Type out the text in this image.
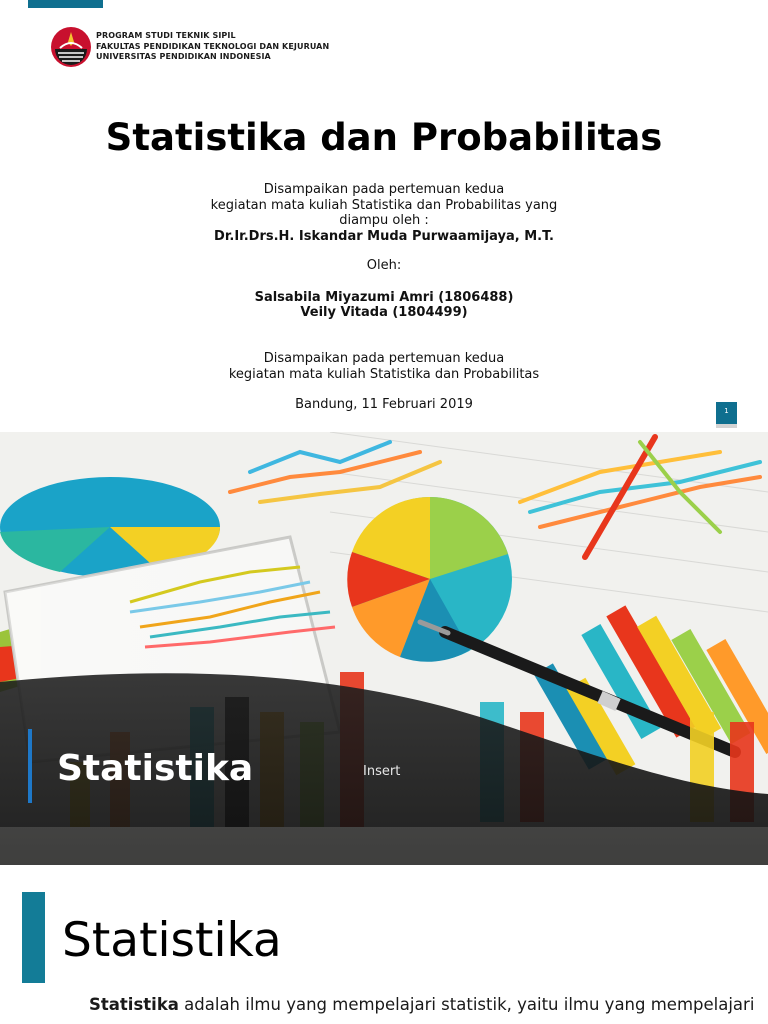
PROGRAM STUDI TEKNIK SIPIL
FAKULTAS PENDIDIKAN TEKNOLOGI DAN KEJURUAN
UNIVERSITAS PENDIDIKAN INDONESIA
Statistika dan Probabilitas
Disampaikan pada pertemuan kedua
kegiatan mata kuliah Statistika dan Probabilitas yang
diampu oleh :
Dr.Ir.Drs.H. Iskandar Muda Purwaamijaya, M.T.
Oleh:
Salsabila Miyazumi Amri (1806488)
Veily Vitada (1804499)
Disampaikan pada pertemuan kedua
kegiatan mata kuliah Statistika dan Probabilitas
Bandung, 11 Februari 2019	1
Statistika	Insert
Statistika
Statistika adalah ilmu yang mempelajari statistik, yaitu ilmu yang mempelajari
